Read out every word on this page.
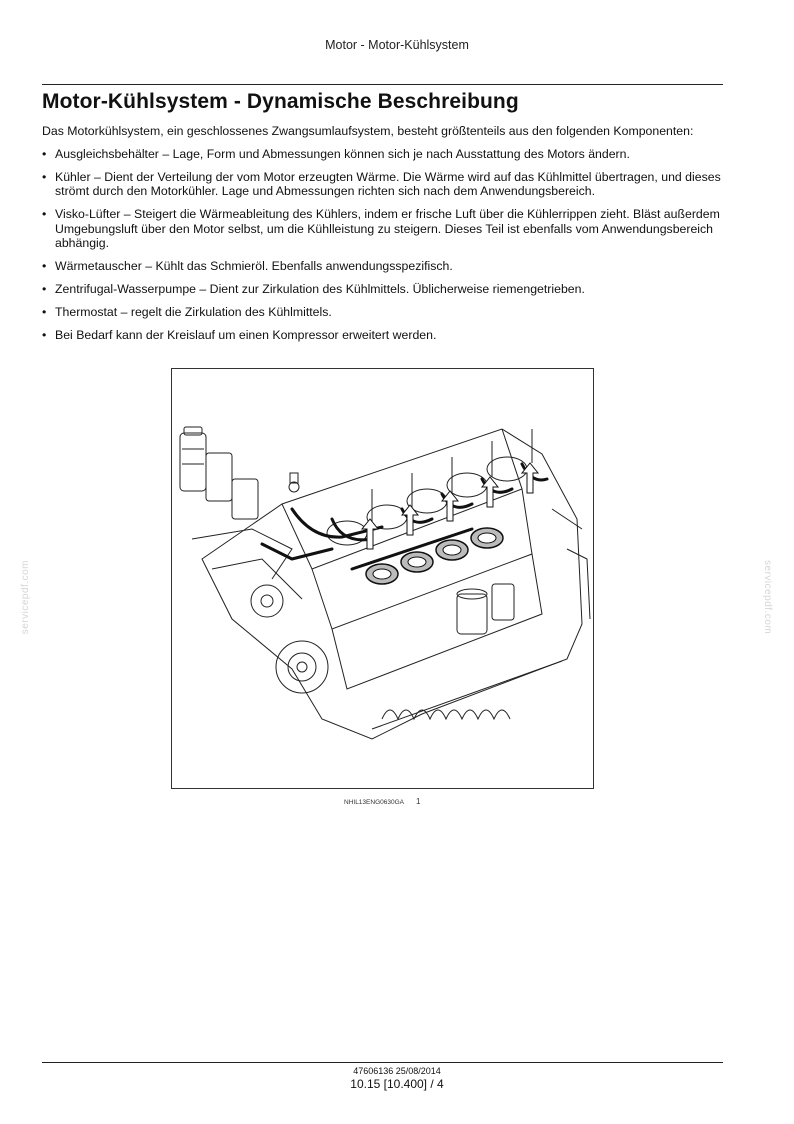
Motor - Motor-Kühlsystem
Motor-Kühlsystem - Dynamische Beschreibung

Das Motorkühlsystem, ein geschlossenes Zwangsumlaufsystem, besteht größtenteils aus den folgenden Komponenten:

• Ausgleichsbehälter – Lage, Form und Abmessungen können sich je nach Ausstattung des Motors ändern.
• Kühler – Dient der Verteilung der vom Motor erzeugten Wärme. Die Wärme wird auf das Kühlmittel übertragen, und dieses strömt durch den Motorkühler. Lage und Abmessungen richten sich nach dem Anwendungsbereich.
• Visko-Lüfter – Steigert die Wärmeableitung des Kühlers, indem er frische Luft über die Kühlerrippen zieht. Bläst außerdem Umgebungsluft über den Motor selbst, um die Kühlleistung zu steigern. Dieses Teil ist ebenfalls vom Anwendungsbereich abhängig.
• Wärmetauscher – Kühlt das Schmieröl. Ebenfalls anwendungsspezifisch.
• Zentrifugal-Wasserpumpe – Dient zur Zirkulation des Kühlmittels. Üblicherweise riemengetrieben.
• Thermostat – regelt die Zirkulation des Kühlmittels.
• Bei Bedarf kann der Kreislauf um einen Kompressor erweitert werden.
NHIL13ENG0630GA 1
servicepdf.com	servicepdf.com
47606136 25/08/2014
10.15 [10.400] / 4
